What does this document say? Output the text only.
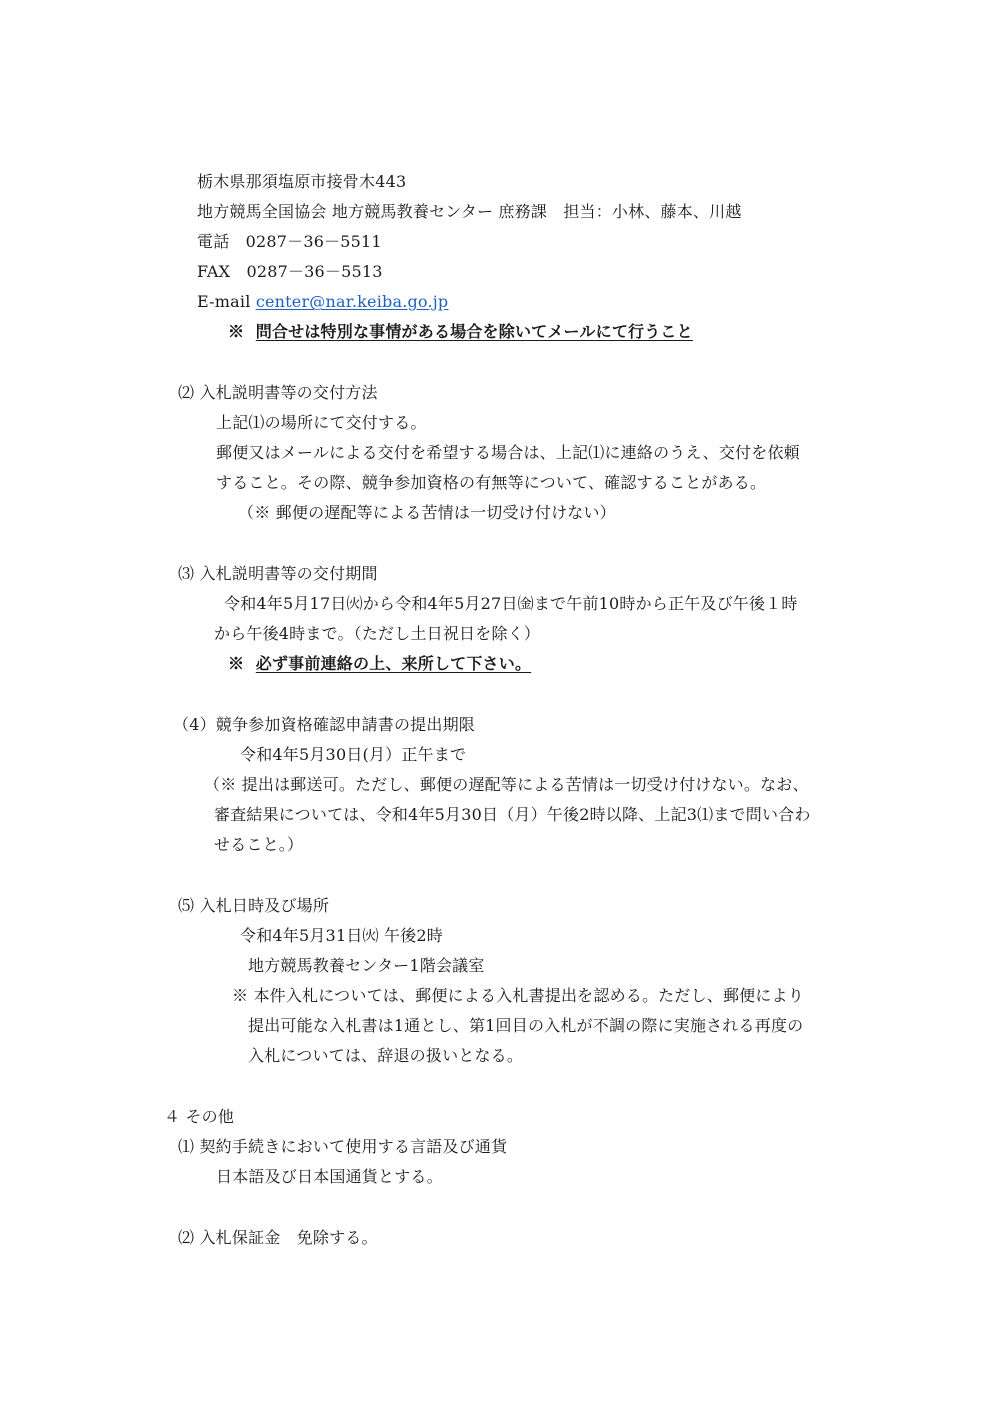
栃木県那須塩原市接骨木443
地方競馬全国協会 地方競馬教養センター 庶務課　担当：小林、藤本、川越
電話　0287－36－5511
FAX　0287－36－5513
E-mail center@nar.keiba.go.jp
※ 問合せは特別な事情がある場合を除いてメールにて行うこと
⑵ 入札説明書等の交付方法
上記⑴の場所にて交付する。
郵便又はメールによる交付を希望する場合は、上記⑴に連絡のうえ、交付を依頼
すること。その際、競争参加資格の有無等について、確認することがある。
（※ 郵便の遅配等による苦情は一切受け付けない）
⑶ 入札説明書等の交付期間
令和4年5月17日㈫から令和4年5月27日㈮まで午前10時から正午及び午後１時
から午後4時まで。（ただし土日祝日を除く）
※ 必ず事前連絡の上、来所して下さい。
（4）競争参加資格確認申請書の提出期限
令和4年5月30日(月）正午まで
（※ 提出は郵送可。ただし、郵便の遅配等による苦情は一切受け付けない。なお、
審査結果については、令和4年5月30日（月）午後2時以降、上記3⑴まで問い合わ
せること。）
⑸ 入札日時及び場所
令和4年5月31日㈫ 午後2時
地方競馬教養センター1階会議室
※ 本件入札については、郵便による入札書提出を認める。ただし、郵便により
提出可能な入札書は1通とし、第1回目の入札が不調の際に実施される再度の
入札については、辞退の扱いとなる。
４ その他
⑴ 契約手続きにおいて使用する言語及び通貨
日本語及び日本国通貨とする。
⑵ 入札保証金　免除する。
